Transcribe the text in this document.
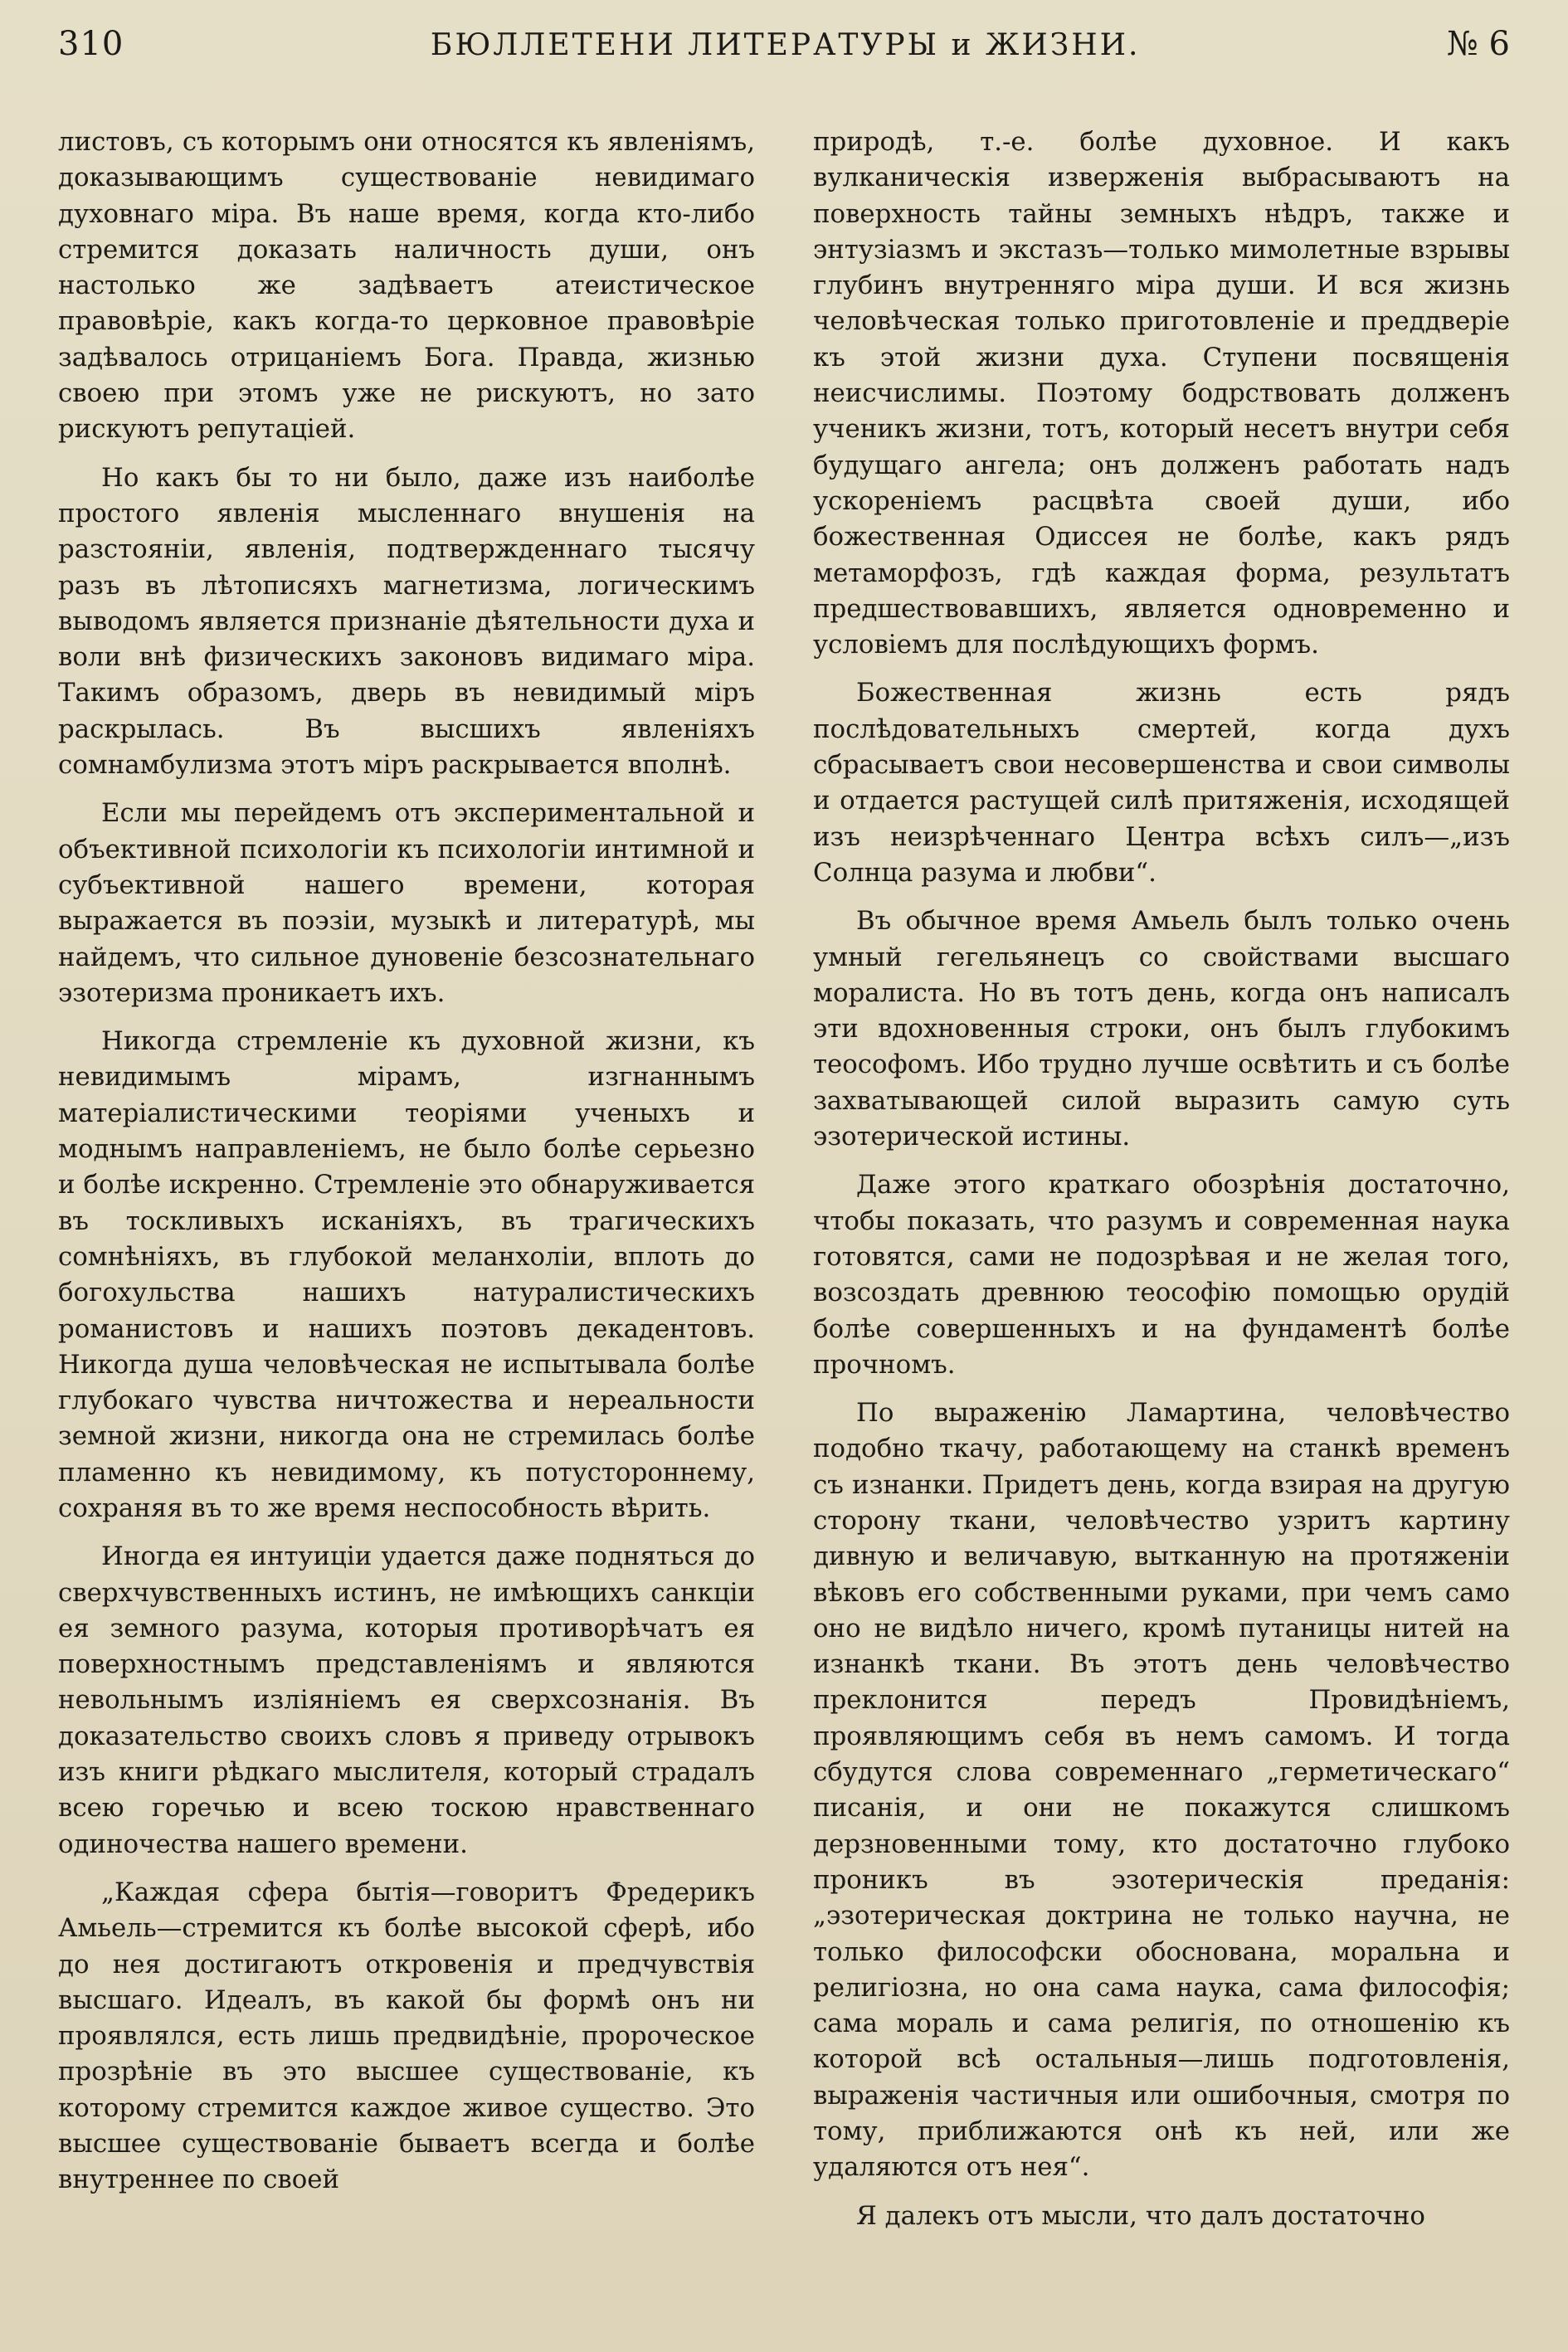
310	БЮЛЛЕТЕНИ ЛИТЕРАТУРЫ и ЖИЗНИ.	№ 6

листовъ, съ которымъ они относятся къ явленіямъ, доказывающимъ существованіе невидимаго духовнаго міра. Въ наше время, когда кто-либо стремится доказать наличность души, онъ настолько же задѣваетъ атеистическое правовѣріе, какъ когда-то церковное правовѣріе задѣвалось отрицаніемъ Бога. Правда, жизнью своею при этомъ уже не рискуютъ, но зато рискуютъ репутаціей.

Но какъ бы то ни было, даже изъ наиболѣе простого явленія мысленнаго внушенія на разстояніи, явленія, подтвержденнаго тысячу разъ въ лѣтописяхъ магнетизма, логическимъ выводомъ является признаніе дѣятельности духа и воли внѣ физическихъ законовъ видимаго міра. Такимъ образомъ, дверь въ невидимый міръ раскрылась. Въ высшихъ явленіяхъ сомнамбулизма этотъ міръ раскрывается вполнѣ.

Если мы перейдемъ отъ экспериментальной и объективной психологіи къ психологіи интимной и субъективной нашего времени, которая выражается въ поэзіи, музыкѣ и литературѣ, мы найдемъ, что сильное дуновеніе безсознательнаго эзотеризма проникаетъ ихъ.

Никогда стремленіе къ духовной жизни, къ невидимымъ мірамъ, изгнаннымъ матеріалистическими теоріями ученыхъ и моднымъ направленіемъ, не было болѣе серьезно и болѣе искренно. Стремленіе это обнаруживается въ тоскливыхъ исканіяхъ, въ трагическихъ сомнѣніяхъ, въ глубокой меланхоліи, вплоть до богохульства нашихъ натуралистическихъ романистовъ и нашихъ поэтовъ декадентовъ. Никогда душа человѣческая не испытывала болѣе глубокаго чувства ничтожества и нереальности земной жизни, никогда она не стремилась болѣе пламенно къ невидимому, къ потустороннему, сохраняя въ то же время неспособность вѣрить.

Иногда ея интуиціи удается даже подняться до сверхчувственныхъ истинъ, не имѣющихъ санкціи ея земного разума, которыя противорѣчатъ ея поверхностнымъ представленіямъ и являются невольнымъ изліяніемъ ея сверхсознанія. Въ доказательство своихъ словъ я приведу отрывокъ изъ книги рѣдкаго мыслителя, который страдалъ всею горечью и всею тоскою нравственнаго одиночества нашего времени.

„Каждая сфера бытія—говоритъ Фредерикъ Амьель—стремится къ болѣе высокой сферѣ, ибо до нея достигаютъ откровенія и предчувствія высшаго. Идеалъ, въ какой бы формѣ онъ ни проявлялся, есть лишь предвидѣніе, пророческое прозрѣніе въ это высшее существованіе, къ которому стремится каждое живое существо. Это высшее существованіе бываетъ всегда и болѣе внутреннее по своей

природѣ, т.-е. болѣе духовное. И какъ вулканическія изверженія выбрасываютъ на поверхность тайны земныхъ нѣдръ, также и энтузіазмъ и экстазъ—только мимолетные взрывы глубинъ внутренняго міра души. И вся жизнь человѣческая только приготовленіе и преддверіе къ этой жизни духа. Ступени посвященія неисчислимы. Поэтому бодрствовать долженъ ученикъ жизни, тотъ, который несетъ внутри себя будущаго ангела; онъ долженъ работать надъ ускореніемъ расцвѣта своей души, ибо божественная Одиссея не болѣе, какъ рядъ метаморфозъ, гдѣ каждая форма, результатъ предшествовавшихъ, является одновременно и условіемъ для послѣдующихъ формъ.

Божественная жизнь есть рядъ послѣдовательныхъ смертей, когда духъ сбрасываетъ свои несовершенства и свои символы и отдается растущей силѣ притяженія, исходящей изъ неизрѣченнаго Центра всѣхъ силъ—„изъ Солнца разума и любви“.

Въ обычное время Амьель былъ только очень умный гегельянецъ со свойствами высшаго моралиста. Но въ тотъ день, когда онъ написалъ эти вдохновенныя строки, онъ былъ глубокимъ теософомъ. Ибо трудно лучше освѣтить и съ болѣе захватывающей силой выразить самую суть эзотерической истины.

Даже этого краткаго обозрѣнія достаточно, чтобы показать, что разумъ и современная наука готовятся, сами не подозрѣвая и не желая того, возсоздать древнюю теософію помощью орудій болѣе совершенныхъ и на фундаментѣ болѣе прочномъ.

По выраженію Ламартина, человѣчество подобно ткачу, работающему на станкѣ временъ съ изнанки. Придетъ день, когда взирая на другую сторону ткани, человѣчество узритъ картину дивную и величавую, вытканную на протяженіи вѣковъ его собственными руками, при чемъ само оно не видѣло ничего, кромѣ путаницы нитей на изнанкѣ ткани. Въ этотъ день человѣчество преклонится передъ Провидѣніемъ, проявляющимъ себя въ немъ самомъ. И тогда сбудутся слова современнаго „герметическаго“ писанія, и они не покажутся слишкомъ дерзновенными тому, кто достаточно глубоко проникъ въ эзотерическія преданія: „эзотерическая доктрина не только научна, не только философски обоснована, моральна и религіозна, но она сама наука, сама философія; сама мораль и сама религія, по отношенію къ которой всѣ остальныя—лишь подготовленія, выраженія частичныя или ошибочныя, смотря по тому, приближаются онѣ къ ней, или же удаляются отъ нея“.

Я далекъ отъ мысли, что далъ достаточно
